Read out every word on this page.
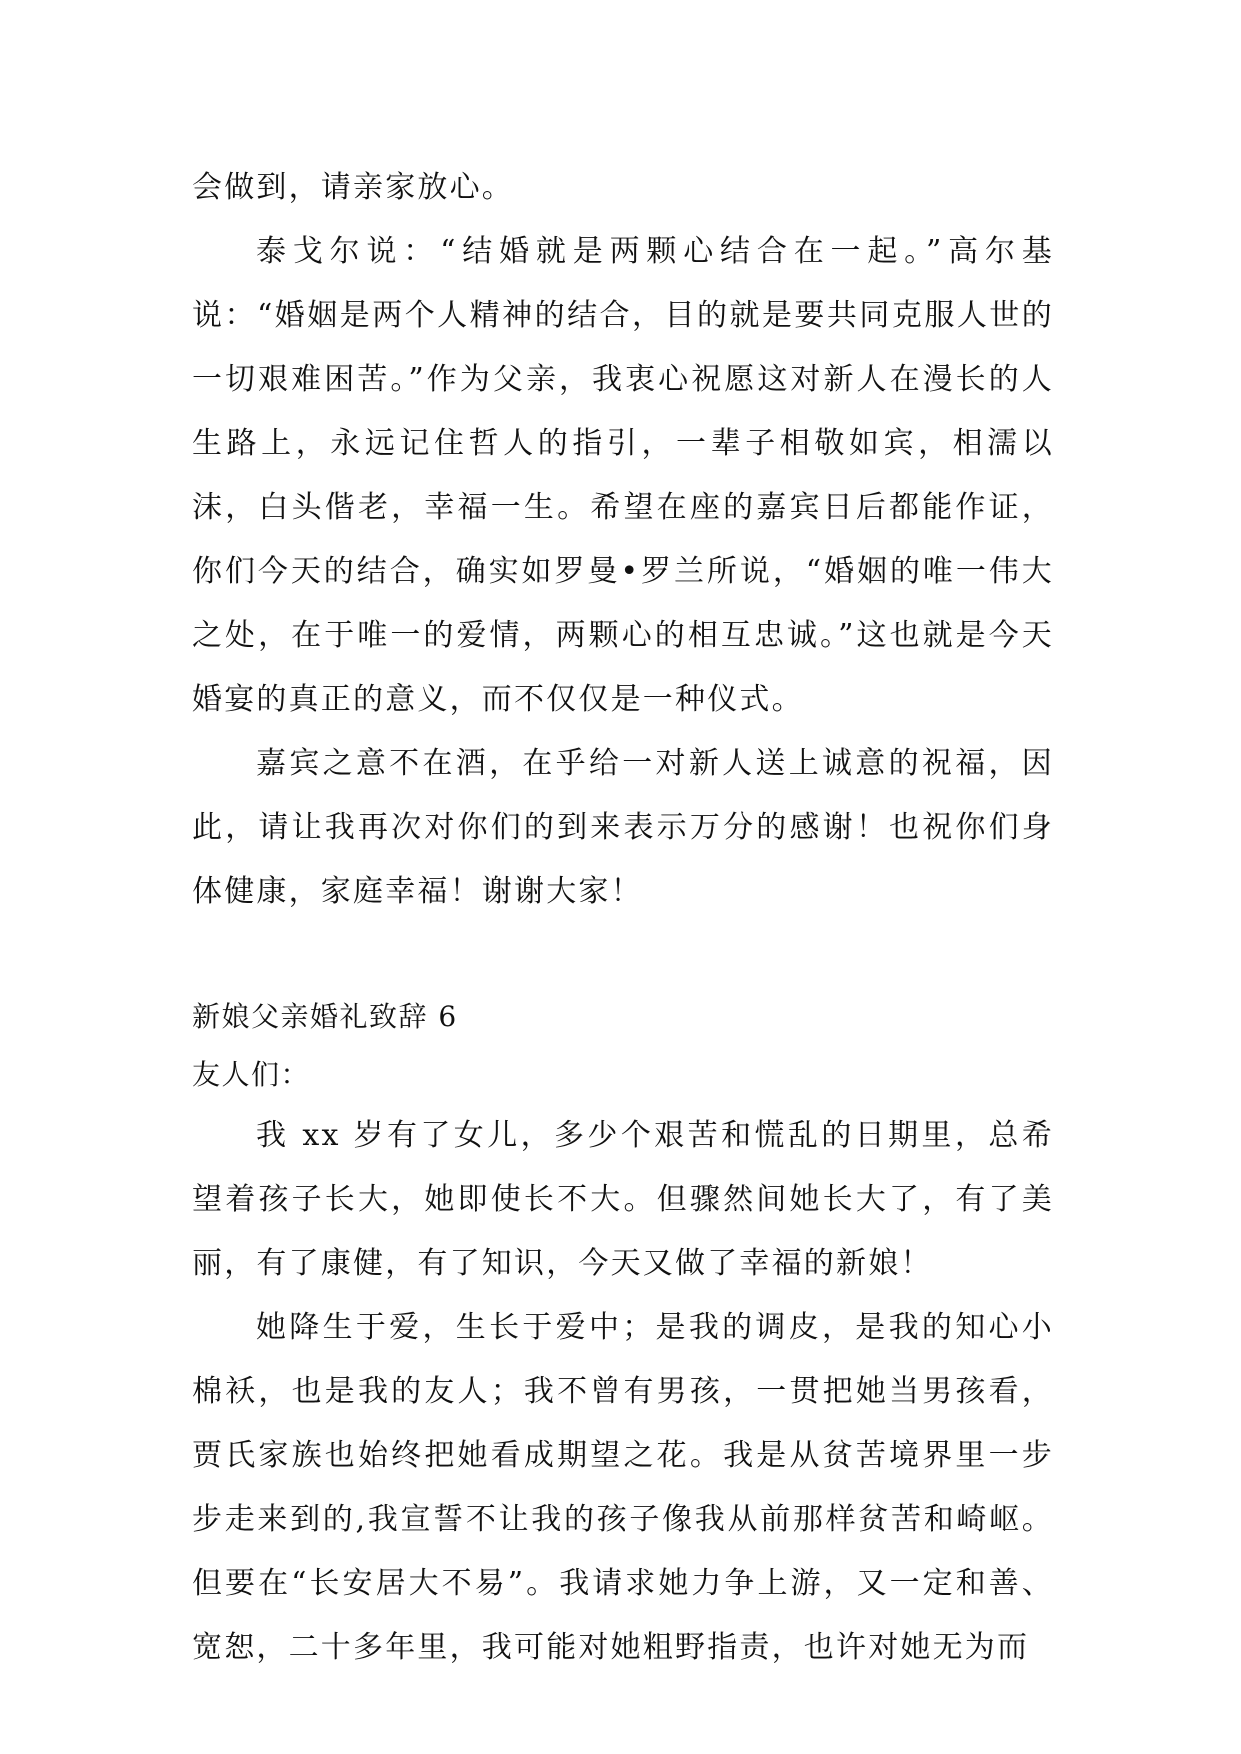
会做到，请亲家放心。

泰戈尔说：“结婚就是两颗心结合在一起。”高尔基说：“婚姻是两个人精神的结合，目的就是要共同克服人世的一切艰难困苦。”作为父亲，我衷心祝愿这对新人在漫长的人生路上，永远记住哲人的指引，一辈子相敬如宾，相濡以沫，白头偕老，幸福一生。希望在座的嘉宾日后都能作证，你们今天的结合，确实如罗曼•罗兰所说，“婚姻的唯一伟大之处，在于唯一的爱情，两颗心的相互忠诚。”这也就是今天婚宴的真正的意义，而不仅仅是一种仪式。

嘉宾之意不在酒，在乎给一对新人送上诚意的祝福，因此，请让我再次对你们的到来表示万分的感谢！也祝你们身体健康，家庭幸福！谢谢大家！

新娘父亲婚礼致辞 6

友人们：

我 xx 岁有了女儿，多少个艰苦和慌乱的日期里，总希望着孩子长大，她即使长不大。但骤然间她长大了，有了美丽，有了康健，有了知识，今天又做了幸福的新娘！

她降生于爱，生长于爱中；是我的调皮，是我的知心小棉袄，也是我的友人；我不曾有男孩，一贯把她当男孩看，贾氏家族也始终把她看成期望之花。我是从贫苦境界里一步步走来到的,我宣誓不让我的孩子像我从前那样贫苦和崎岖。但要在“长安居大不易”。我请求她力争上游，又一定和善、宽恕，二十多年里，我可能对她粗野指责，也许对她无为而
